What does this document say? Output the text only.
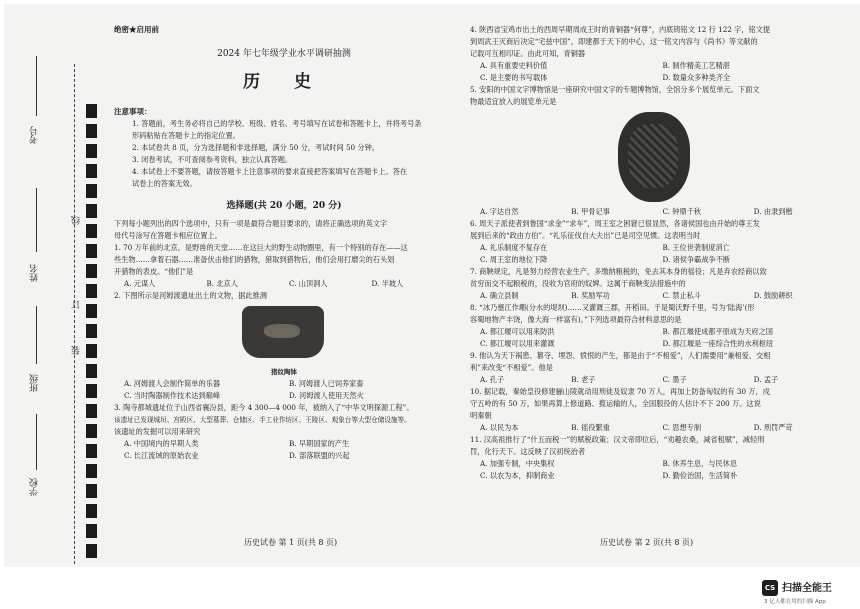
考号
姓名
班级
学校
线
订
装
绝密★启用前
2024 年七年级学业水平调研抽测
历 史
注意事项：
1. 答题前，考生务必将自己的学校、班级、姓名、考号填写在试卷和答题卡上，并将考号条
形码粘贴在答题卡上的指定位置。
2. 本试卷共 8 页，分为选择题和非选择题，满分 50 分，考试时间 50 分钟。
3. 闭卷考试，不可查阅参考资料，独立认真答题。
4. 本试卷上不要答题，请按答题卡上注意事项的要求直接把答案填写在答题卡上。答在
试卷上的答案无效。
选择题(共 20 小题，20 分)
下列每小题列出的四个选项中，只有一项是最符合题目要求的，请将正确选项的英文字
母代号涂写在答题卡相应位置上。
1. 70 万年前的北京，是野兽的天堂……在这巨大的野生动物圈里，有一个特别的存在——这
些生物……拿着石器……准备伏击他们的猎物，猎取到猎物后，他们会用打磨尖的石头划
开猎物的表皮。“他们”是
A. 元谋人	B. 北京人	C. 山顶洞人	D. 半坡人
2. 下图所示是河姆渡遗址出土的文物，据此推测
猪纹陶钵
A. 河姆渡人会制作简单的乐器	B. 河姆渡人已饲养家畜
C. 当时陶器制作技术达到巅峰	D. 河姆渡人使用天然火
3. 陶寺都城遗址位于山西省襄汾县，距今 4 300—4 000 年，被纳入了“中华文明探源工程”。
该遗址已发现城垣、宫殿区、大型墓葬、仓储区、手工业作坊区、王陵区、观象台等大型仓储设施等。
该遗址的发掘可以用来研究
A. 中国境内的早期人类	B. 早期国家的产生
C. 长江流域的原始农业	D. 部落联盟的兴起
4. 陕西省宝鸡市出土的西周早期周成王时的青铜器“何尊”，内底铸铭文 12 行 122 字，铭文提
到周武王灭商后决定“宅兹中国”，即建都于天下的中心，这一铭文内容与《尚书》等文献的
记载可互相印证。由此可知，青铜器
A. 具有重要史料价值	B. 制作精美工艺精湛
C. 是主要的书写载体	D. 数量众多种类齐全
5. 安阳的中国文字博物馆是一座研究中国文字的专题博物馆，全馆分多个展览单元。下面文
物最适宜放入的展览单元是
A. 字达自然	B. 甲骨记事	C. 钟鼎千秋	D. 由隶到楷
6. 周天子派使者到鲁国“求金”“求车”，周王室之困窘已很显然，各诸侯国也由开始的尊王发
展到后来的“政由方伯”。“礼乐征伐自大夫出”已是司空见惯。这表明当时
A. 礼乐制度不复存在	B. 王位世袭制度消亡
C. 周王室的地位下降	D. 诸侯争霸战争不断
7. 商鞅规定，凡是努力经营农业生产，多缴纳粮税的，免去其本身的徭役；凡是弃农经商以致
贫穷而交不起粮税的，没收为官府的奴婢。这属于商鞅变法措施中的
A. 确立县制	B. 奖励军功	C. 禁止私斗	D. 鼓励耕织
8. “冰乃壅江作堋(分水的堤坝)……又灌溉三郡，开稻田。于是蜀沃野千里，号为‘陆海’(形
容蜀地物产丰饶，像大海一样富有)。”下列选项最符合材料意思的是
A. 都江堰可以用来防洪	B. 都江堰使成都平原成为天府之国
C. 都江堰可以用来灌溉	D. 都江堰是一座综合性的水利枢纽
9. 他认为天下祸患、篡夺、埋怨、愤恨的产生，都是由于“不相爱”，人们需要用“兼相爱、交相
利”来改变“不相爱”。他是
A. 孔子	B. 老子	C. 墨子	D. 孟子
10. 据记载，秦始皇役修建骊山陵就动用刑徒及奴隶 70 万人，再加上防备匈奴的有 30 万，戍
守五岭的有 50 万，如果再算上修道路、揽运输的人，全国服役的人估计不下 200 万。这说
明秦朝
A. 以民为本	B. 徭役繁重	C. 思想专制	D. 刑罚严苛
11. 汉高祖推行了“什五而税一”的赋税政策；汉文帝即位后，“劝趣农桑，减省租赋”，减轻刑
罚，化行天下。这反映了汉初统治者
A. 加强专制，中央集权	B. 休养生息，与民休息
C. 以农为本，抑制商业	D. 勤俭治国，生活简朴
历史试卷 第 1 页(共 8 页)	历史试卷 第 2 页(共 8 页)
CS 扫描全能王
3 亿人都在用的扫描 App
